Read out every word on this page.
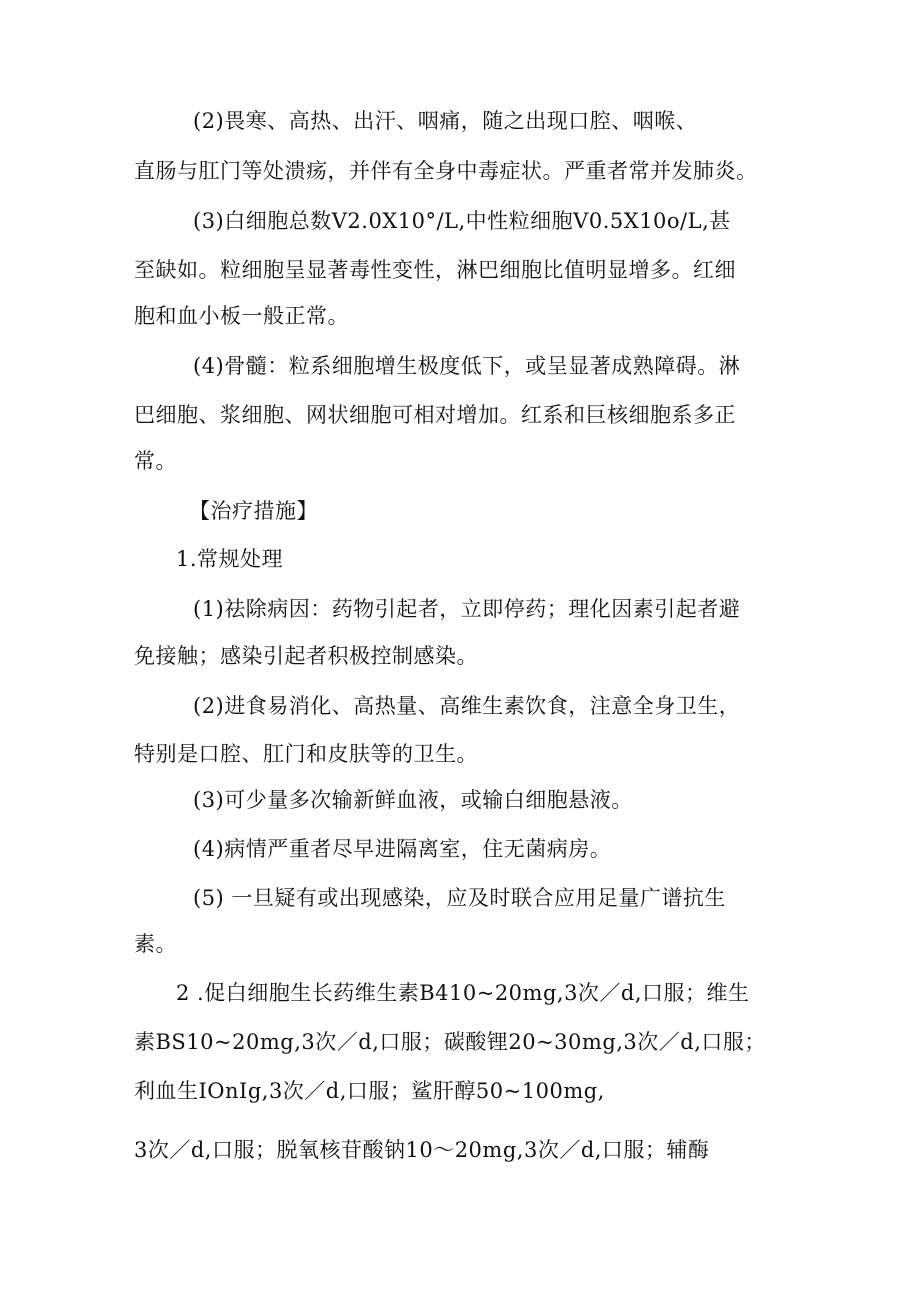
(2)畏寒、高热、出汗、咽痛，随之出现口腔、咽喉、
直肠与肛门等处溃疡，并伴有全身中毒症状。严重者常并发肺炎。
(3)白细胞总数V2.0X10°/L,中性粒细胞V0.5X10o/L,甚
至缺如。粒细胞呈显著毒性变性，淋巴细胞比值明显增多。红细
胞和血小板一般正常。
(4)骨髓：粒系细胞增生极度低下，或呈显著成熟障碍。淋
巴细胞、浆细胞、网状细胞可相对增加。红系和巨核细胞系多正
常。
【治疗措施】
1.常规处理
(1)祛除病因：药物引起者，立即停药；理化因素引起者避
免接触；感染引起者积极控制感染。
(2)进食易消化、高热量、高维生素饮食，注意全身卫生，
特别是口腔、肛门和皮肤等的卫生。
(3)可少量多次输新鲜血液，或输白细胞悬液。
(4)病情严重者尽早进隔离室，住无菌病房。
(5) 一旦疑有或出现感染，应及时联合应用足量广谱抗生
素。
2 .促白细胞生长药维生素B410~20mg,3次／d,口服；维生
素BS10~20mg,3次／d,口服；碳酸锂20~30mg,3次／d,口服；
利血生IOnIg,3次／d,口服；鲨肝醇50~100mg,
3次／d,口服；脱氧核苷酸钠10～20mg,3次／d,口服；辅酶
